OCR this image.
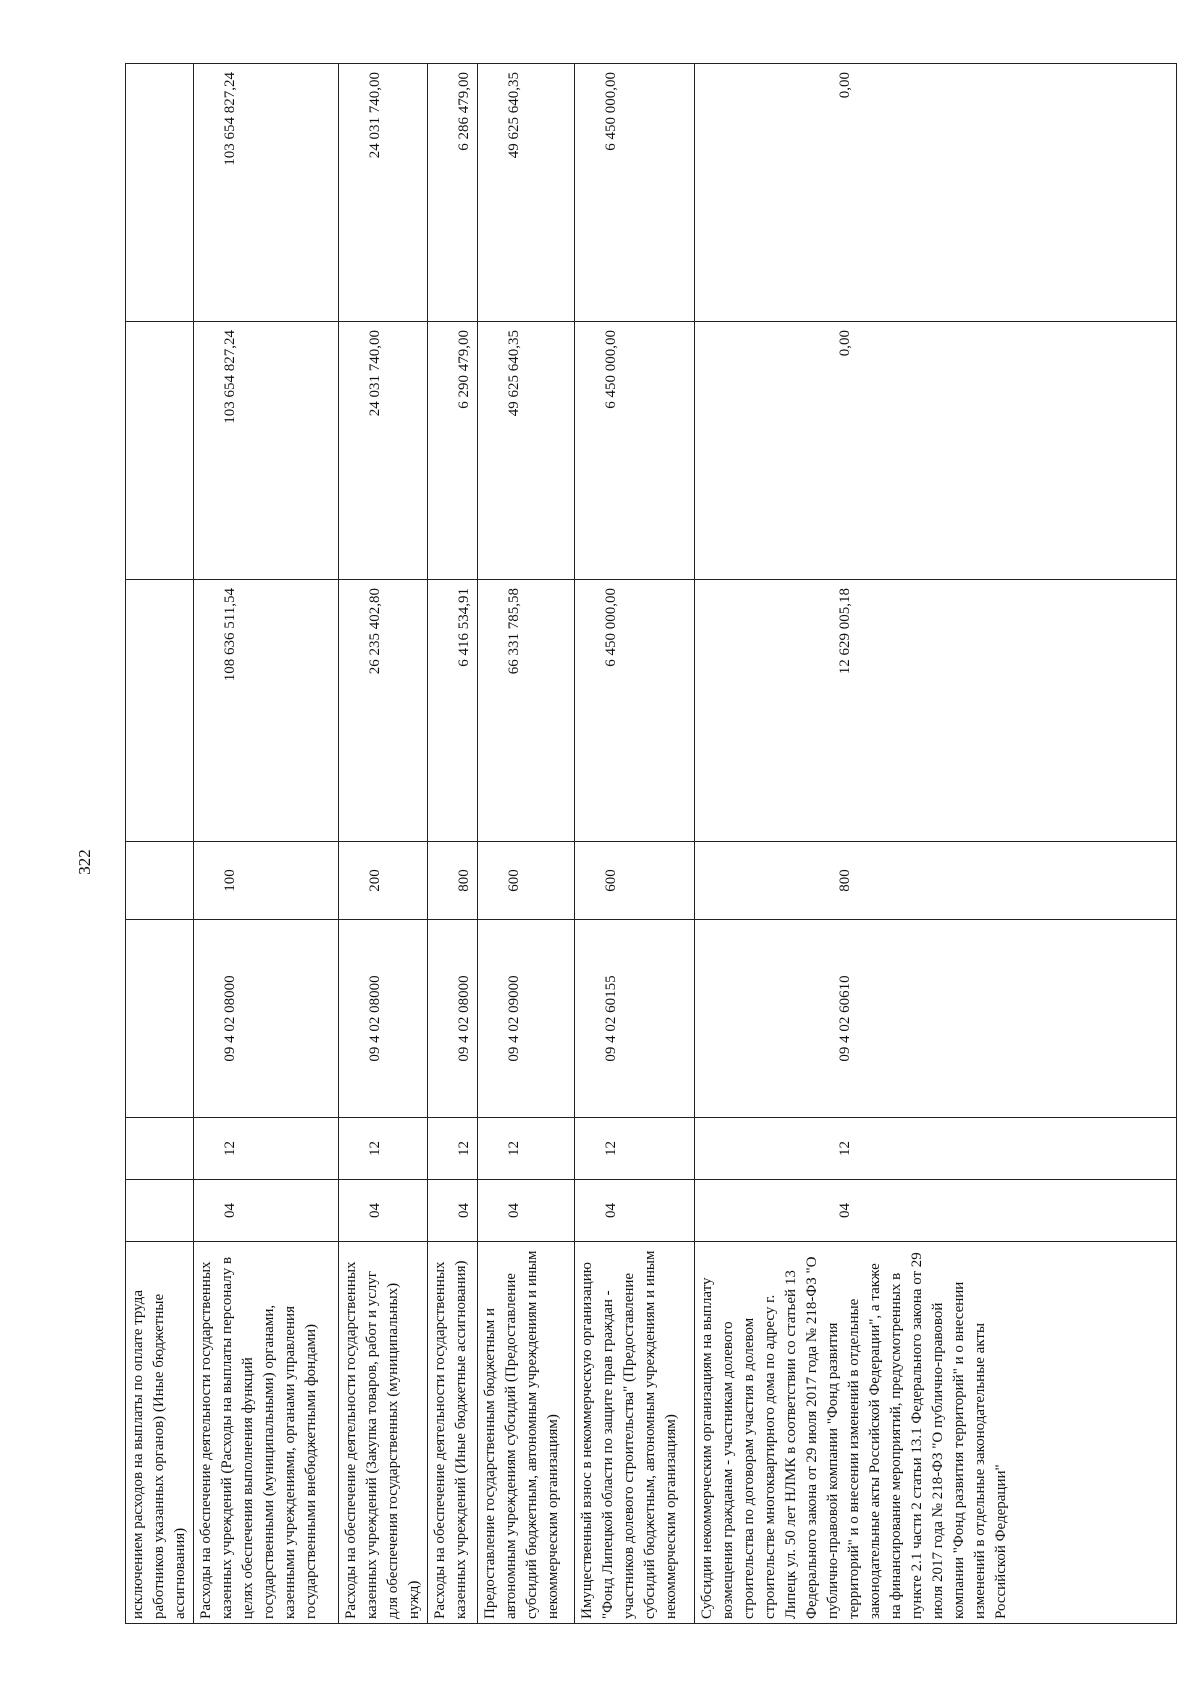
322
исключением расходов на выплаты по оплате труда работников указанных органов) (Иные бюджетные ассигнования)							
Расходы на обеспечение деятельности государственных казенных учреждений (Расходы на выплаты персоналу в целях обеспечения выполнения функций государственными (муниципальными) органами, казенными учреждениями, органами управления государственными внебюджетными фондами)	04	12	09 4 02 08000	100	108 636 511,54	103 654 827,24	103 654 827,24
Расходы на обеспечение деятельности государственных казенных учреждений (Закупка товаров, работ и услуг для обеспечения государственных (муниципальных) нужд)	04	12	09 4 02 08000	200	26 235 402,80	24 031 740,00	24 031 740,00
Расходы на обеспечение деятельности государственных казенных учреждений (Иные бюджетные ассигнования)	04	12	09 4 02 08000	800	6 416 534,91	6 290 479,00	6 286 479,00
Предоставление государственным бюджетным и автономным учреждениям субсидий (Предоставление субсидий бюджетным, автономным учреждениям и иным некоммерческим организациям)	04	12	09 4 02 09000	600	66 331 785,58	49 625 640,35	49 625 640,35
Имущественный взнос в некоммерческую организацию "Фонд Липецкой области по защите прав граждан - участников долевого строительства" (Предоставление субсидий бюджетным, автономным учреждениям и иным некоммерческим организациям)	04	12	09 4 02 60155	600	6 450 000,00	6 450 000,00	6 450 000,00
Субсидии некоммерческим организациям на выплату возмещения гражданам - участникам долевого строительства по договорам участия в долевом строительстве многоквартирного дома по адресу г. Липецк ул. 50 лет НЛМК в соответствии со статьей 13 Федерального закона от 29 июля 2017 года № 218-ФЗ "О публично-правовой компании "Фонд развития территорий" и о внесении изменений в отдельные законодательные акты Российской Федерации", а также на финансирование мероприятий, предусмотренных в пункте 2.1 части 2 статьи 13.1 Федерального закона от 29 июля 2017 года № 218-ФЗ "О публично-правовой компании "Фонд развития территорий" и о внесении изменений в отдельные законодательные акты Российской Федерации"	04	12	09 4 02 60610	800	12 629 005,18	0,00	0,00
